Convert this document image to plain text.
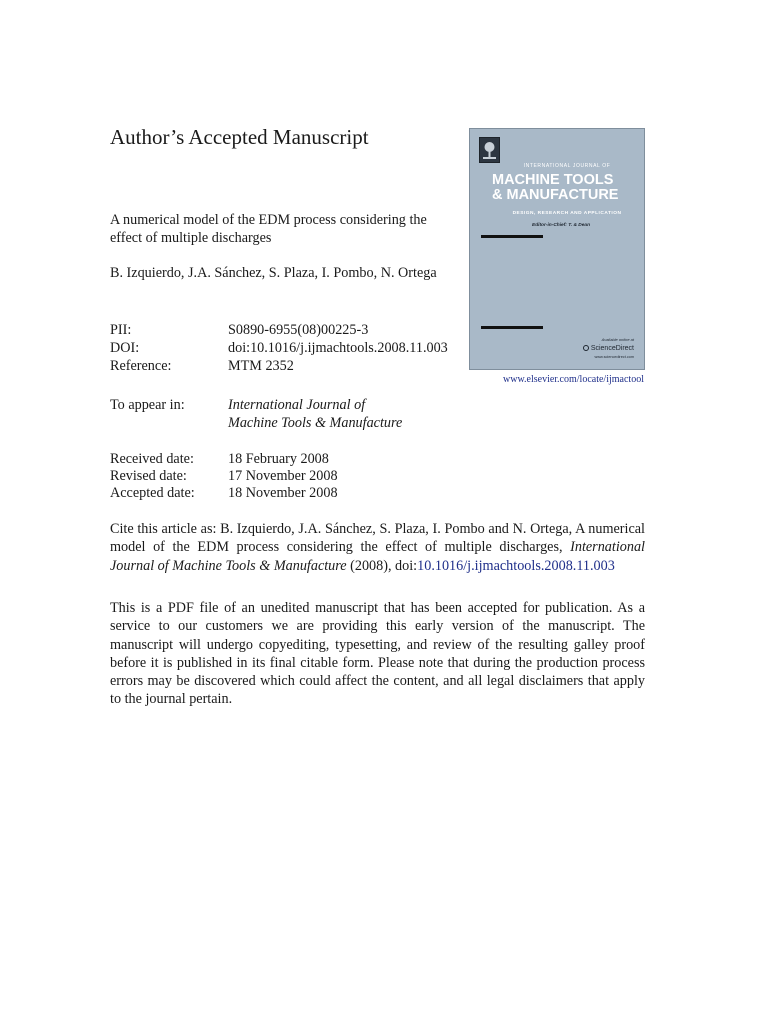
Author’s Accepted Manuscript
A numerical model of the EDM process considering the effect of multiple discharges
B. Izquierdo, J.A. Sánchez, S. Plaza, I. Pombo, N. Ortega
PII:	S0890-6955(08)00225-3
DOI:	doi:10.1016/j.ijmachtools.2008.11.003
Reference:	MTM 2352
To appear in:	International Journal of
Machine Tools & Manufacture
Received date: 18 February 2008
Revised date:	17 November 2008
Accepted date: 18 November 2008
Cite this article as: B. Izquierdo, J.A. Sánchez, S. Plaza, I. Pombo and N. Ortega, A numerical model of the EDM process considering the effect of multiple discharges, International Journal of Machine Tools & Manufacture (2008), doi:10.1016/j.ijmachtools.2008.11.003
This is a PDF file of an unedited manuscript that has been accepted for publication. As a service to our customers we are providing this early version of the manuscript. The manuscript will undergo copyediting, typesetting, and review of the resulting galley proof before it is published in its final citable form. Please note that during the production process errors may be discovered which could affect the content, and all legal disclaimers that apply to the journal pertain.
INTERNATIONAL JOURNAL OF
MACHINE TOOLS
& MANUFACTURE
DESIGN, RESEARCH AND APPLICATION
Editor-in-Chief: T. & Dean
Available online at
ScienceDirect
www.sciencedirect.com
www.elsevier.com/locate/ijmactool
